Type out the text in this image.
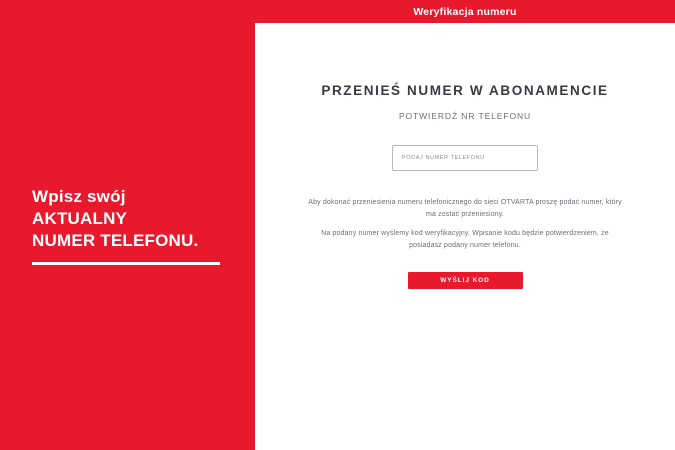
Wpisz swój
AKTUALNY
NUMER TELEFONU.
Weryfikacja numeru
PRZENIEŚ NUMER W ABONAMENCIE
POTWIERDŹ NR TELEFONU
PODAJ NUMER TELEFONU

Aby dokonać przeniesienia numeru telefonicznego do sieci OTVARTA proszę podać numer, który ma zostać przeniesiony.

Na podany numer wyślemy kod weryfikacyjny. Wpisanie kodu będzie potwierdzeniem, że posiadasz podany numer telefonu.

WYŚLIJ KOD
